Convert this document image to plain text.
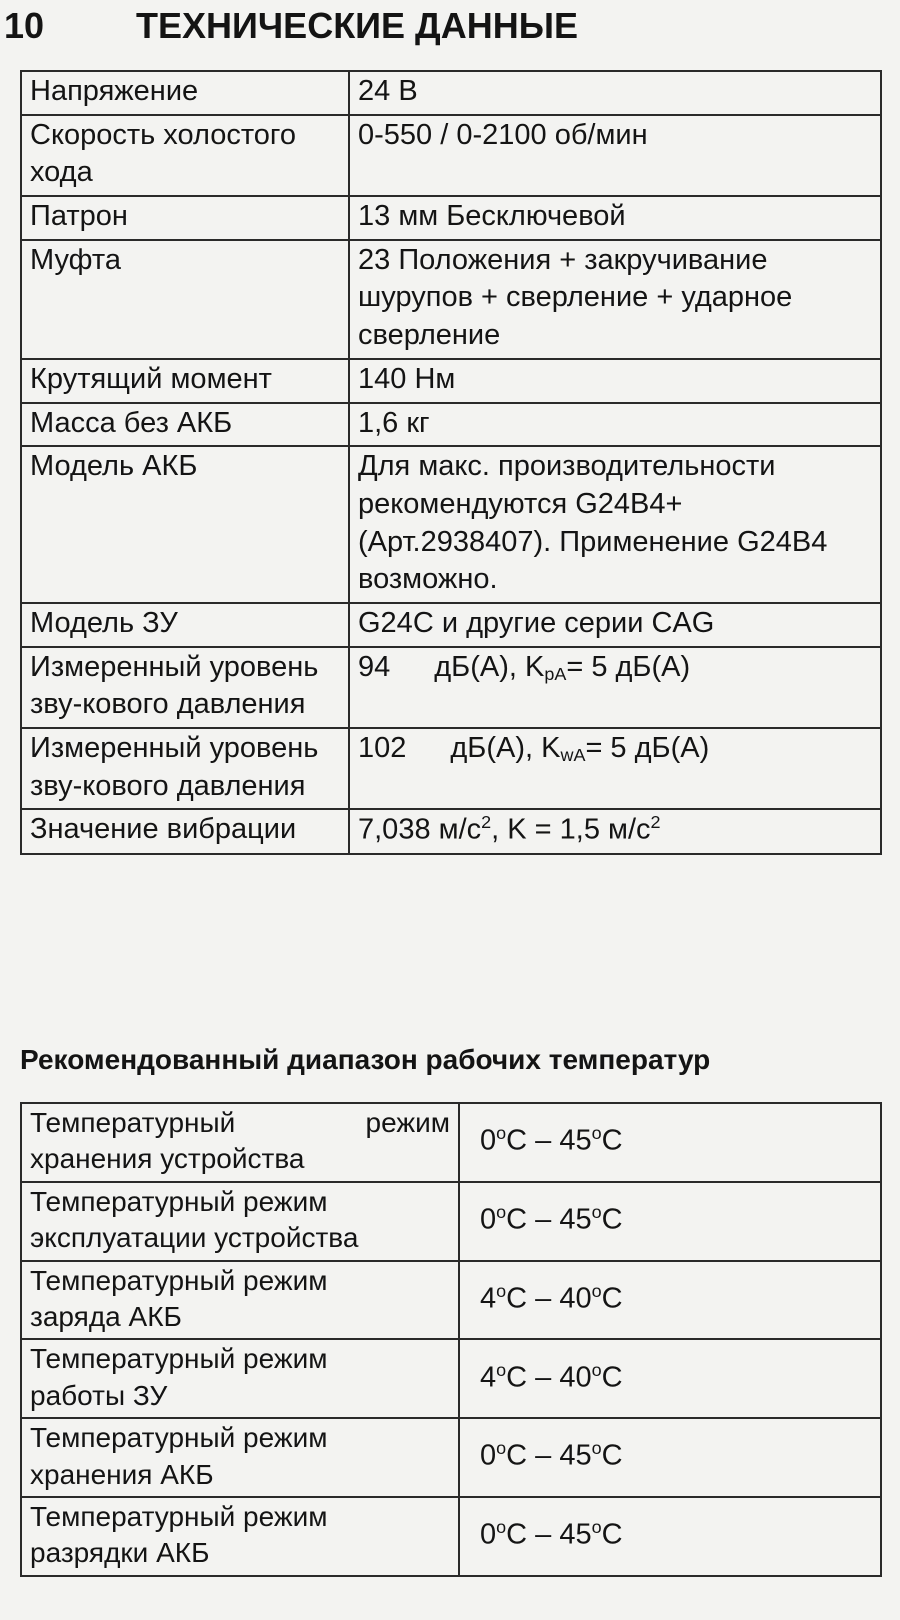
10	ТЕХНИЧЕСКИЕ ДАННЫЕ
Напряжение	24 В
Скорость холостого хода	0-550 / 0-2100 об/мин
Патрон	13 мм Бесключевой
Муфта	23 Положения + закручивание шурупов + сверление + ударное сверление
Крутящий момент	140 Нм
Масса без АКБ	1,6 кг
Модель АКБ	Для макс. производительности рекомендуются G24B4+ (Арт.2938407). Применение G24B4 возможно.
Модель ЗУ	G24C и другие серии CAG
Измеренный уровень зву-кового давления	94 дБ(A), $K_{pA}= 5$ дБ(A)
Измеренный уровень зву-кового давления	102 дБ(A), $K_{wA}= 5$ дБ(A)
Значение вибрации	7,038 $м/с^2$, K = 1,5 $м/с^2$
Рекомендованный диапазон рабочих температур
Температурный режим
хранения устройства	$0^оC - 45^оC$

Температурный режим
эксплуатации устройства	$0^оC - 45^оC$

Температурный режим
заряда АКБ	$4^оC - 40^оC$

Температурный режим
работы ЗУ	$4^оC - 40^оC$

Температурный режим
хранения АКБ	$0^оC - 45^оC$

Температурный режим
разрядки АКБ	$0^оC - 45^оC$
